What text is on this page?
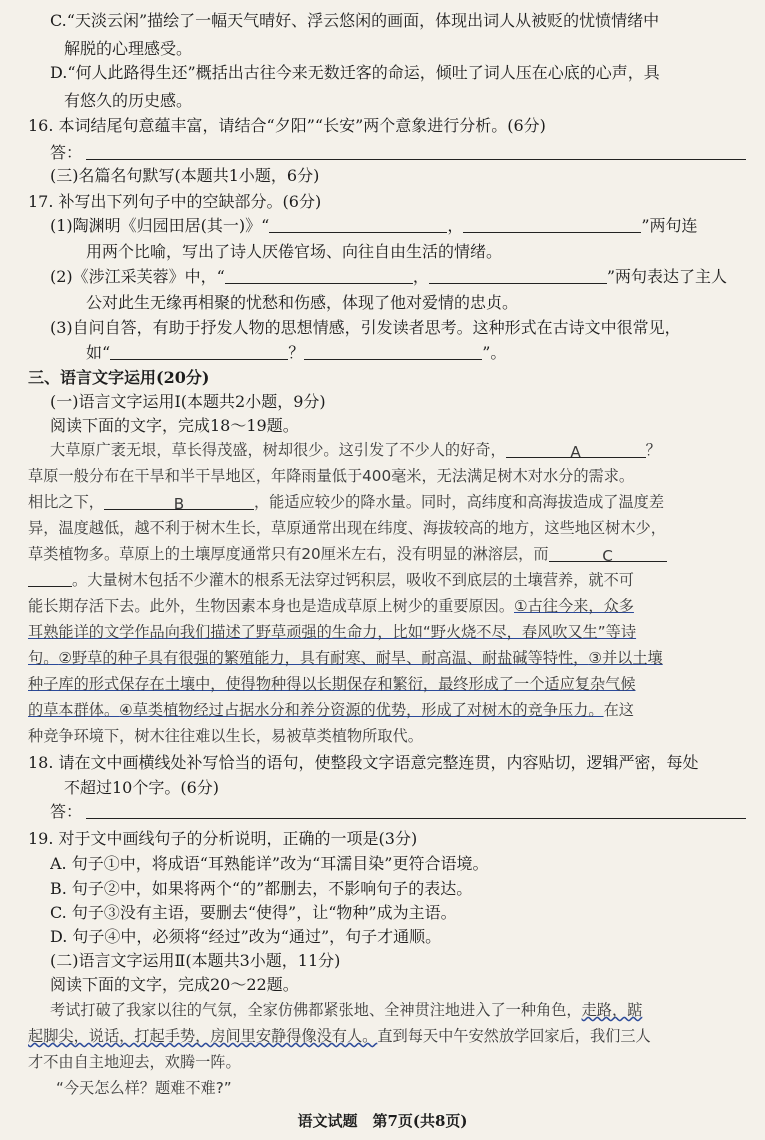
C.“天淡云闲”描绘了一幅天气晴好、浮云悠闲的画面，体现出词人从被贬的忧愤情绪中
解脱的心理感受。
D.“何人此路得生还”概括出古往今来无数迁客的命运，倾吐了词人压在心底的心声，具
有悠久的历史感。
16. 本词结尾句意蕴丰富，请结合“夕阳”“长安”两个意象进行分析。(6分)
答：
(三)名篇名句默写(本题共1小题，6分)
17. 补写出下列句子中的空缺部分。(6分)
(1)陶渊明《归园田居(其一)》“	，	”两句连
用两个比喻，写出了诗人厌倦官场、向往自由生活的情绪。
(2)《涉江采芙蓉》中，“	，	”两句表达了主人
公对此生无缘再相聚的忧愁和伤感，体现了他对爱情的忠贞。
(3)自问自答，有助于抒发人物的思想情感，引发读者思考。这种形式在古诗文中很常见，
如“	？	”。
三、语言文字运用(20分)
(一)语言文字运用Ⅰ(本题共2小题，9分)
阅读下面的文字，完成18～19题。
大草原广袤无垠，草长得茂盛，树却很少。这引发了不少人的好奇，	A	？
草原一般分布在干旱和半干旱地区，年降雨量低于400毫米，无法满足树木对水分的需求。
相比之下，	B	，能适应较少的降水量。同时，高纬度和高海拔造成了温度差
异，温度越低，越不利于树木生长，草原通常出现在纬度、海拔较高的地方，这些地区树木少，
草类植物多。草原上的土壤厚度通常只有20厘米左右，没有明显的淋溶层，而	C
。大量树木包括不少灌木的根系无法穿过钙积层，吸收不到底层的土壤营养，就不可
能长期存活下去。此外，生物因素本身也是造成草原上树少的重要原因。①古往今来，众多
耳熟能详的文学作品向我们描述了野草顽强的生命力，比如“野火烧不尽，春风吹又生”等诗
句。②野草的种子具有很强的繁殖能力，具有耐寒、耐旱、耐高温、耐盐碱等特性，③并以土壤
种子库的形式保存在土壤中，使得物种得以长期保存和繁衍，最终形成了一个适应复杂气候
的草本群体。④草类植物经过占据水分和养分资源的优势，形成了对树木的竞争压力。在这
种竞争环境下，树木往往难以生长，易被草类植物所取代。
18. 请在文中画横线处补写恰当的语句，使整段文字语意完整连贯，内容贴切，逻辑严密，每处
不超过10个字。(6分)
答：
19. 对于文中画线句子的分析说明，正确的一项是(3分)
A. 句子①中，将成语“耳熟能详”改为“耳濡目染”更符合语境。
B. 句子②中，如果将两个“的”都删去，不影响句子的表达。
C. 句子③没有主语，要删去“使得”，让“物种”成为主语。
D. 句子④中，必须将“经过”改为“通过”，句子才通顺。
(二)语言文字运用Ⅱ(本题共3小题，11分)
阅读下面的文字，完成20～22题。
考试打破了我家以往的气氛，全家仿佛都紧张地、全神贯注地进入了一种角色，走路，踮
起脚尖，说话，打起手势，房间里安静得像没有人。直到每天中午安然放学回家后，我们三人
才不由自主地迎去，欢腾一阵。
“今天怎么样？题难不难?”
语文试题　第7页(共8页)
